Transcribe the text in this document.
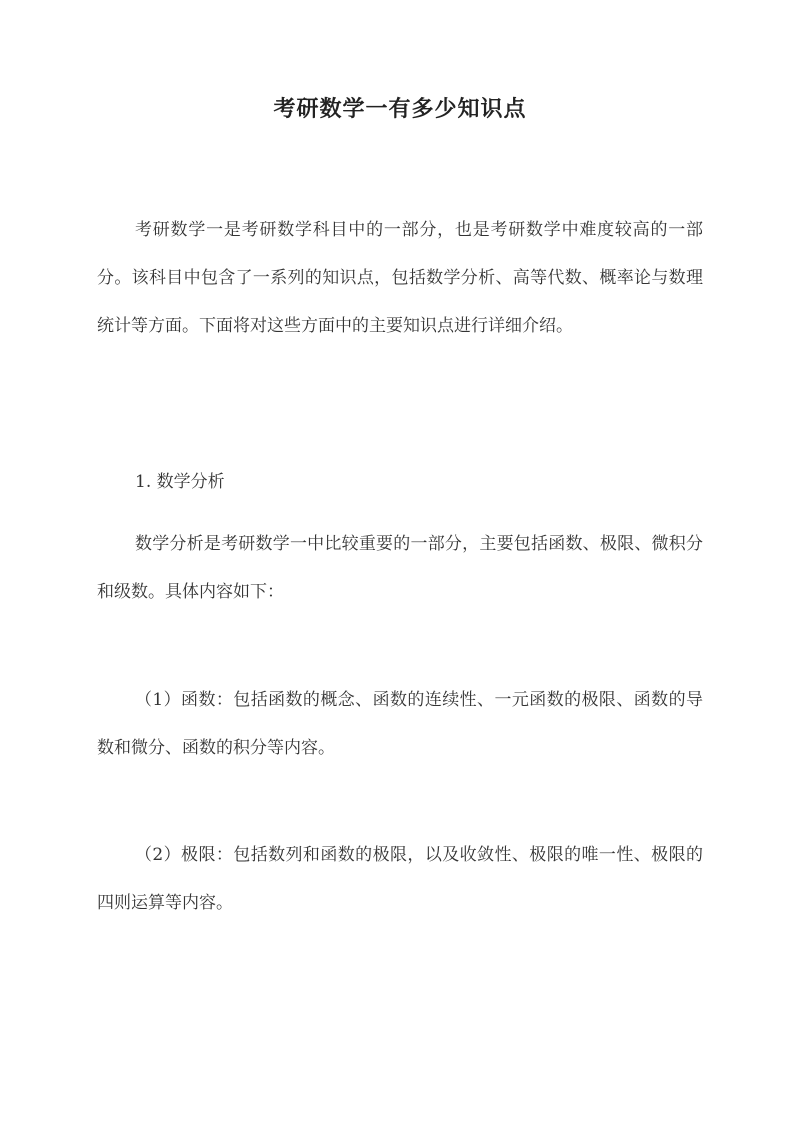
考研数学一有多少知识点
考研数学一是考研数学科目中的一部分，也是考研数学中难度较高的一部分。该科目中包含了一系列的知识点，包括数学分析、高等代数、概率论与数理统计等方面。下面将对这些方面中的主要知识点进行详细介绍。
1. 数学分析
数学分析是考研数学一中比较重要的一部分，主要包括函数、极限、微积分和级数。具体内容如下：
（1）函数：包括函数的概念、函数的连续性、一元函数的极限、函数的导数和微分、函数的积分等内容。
（2）极限：包括数列和函数的极限，以及收敛性、极限的唯一性、极限的四则运算等内容。
